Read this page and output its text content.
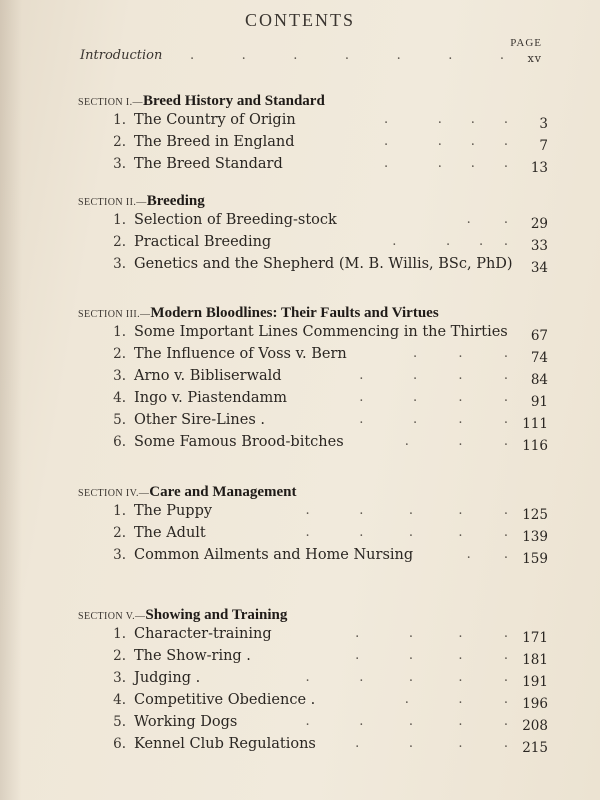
CONTENTS
PAGE
Introduction .	.	.	.	.	.	. xv
SECTION I.—Breed History and Standard
1. The Country of Origin	.            .       .       .	3
2. The Breed in England	.            .       .       .	7
3. The Breed Standard	.            .       .       .	13
SECTION II.—Breeding
1. Selection of Breeding-stock	.        .	29
2. Practical Breeding	.            .       .     .	33
3. Genetics and the Shepherd (M. B. Willis, BSc, PhD)	34
SECTION III.—Modern Bloodlines: Their Faults and Virtues
1. Some Important Lines Commencing in the Thirties	67
2. The Influence of Voss v. Bern	.          .          .	74
3. Arno v. Bibliserwald	.            .          .          .	84
4. Ingo v. Piastendamm	.            .          .          .	91
5. Other Sire-Lines .	.            .          .          .	111
6. Some Famous Brood-bitches	.            .          .	116
SECTION IV.—Care and Management
1. The Puppy	.            .           .           .          .	125
2. The Adult	.            .           .           .          .	139
3. Common Ailments and Home Nursing	.        .	159
SECTION V.—Showing and Training
1. Character-training	.            .           .          .	171
2. The Show-ring .	.            .           .          .	181
3. Judging .	.            .           .           .          .	191
4. Competitive Obedience .	.            .          .	196
5. Working Dogs	.            .           .           .          .	208
6. Kennel Club Regulations	.            .           .          .	215
